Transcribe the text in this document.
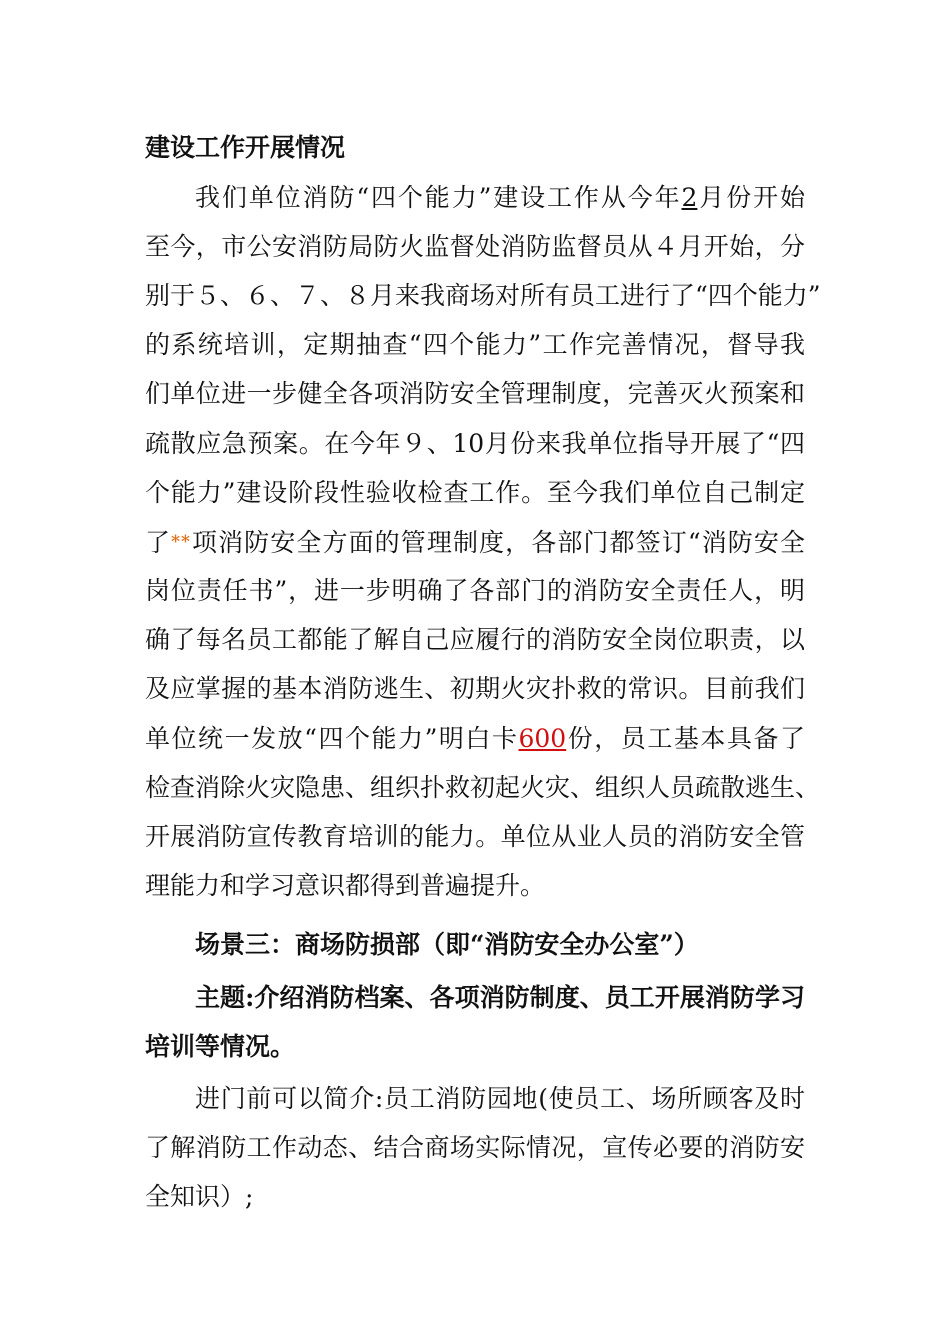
建设工作开展情况
我们单位消防“四个能力”建设工作从今年2月份开始
至今，市公安消防局防火监督处消防监督员从４月开始，分
别于５、６、７、８月来我商场对所有员工进行了“四个能力”
的系统培训，定期抽查“四个能力”工作完善情况，督导我
们单位进一步健全各项消防安全管理制度，完善灭火预案和
疏散应急预案。在今年９、10月份来我单位指导开展了“四
个能力”建设阶段性验收检查工作。至今我们单位自己制定
了**项消防安全方面的管理制度，各部门都签订“消防安全
岗位责任书”，进一步明确了各部门的消防安全责任人，明
确了每名员工都能了解自己应履行的消防安全岗位职责，以
及应掌握的基本消防逃生、初期火灾扑救的常识。目前我们
单位统一发放“四个能力”明白卡600份，员工基本具备了
检查消除火灾隐患、组织扑救初起火灾、组织人员疏散逃生、
开展消防宣传教育培训的能力。单位从业人员的消防安全管
理能力和学习意识都得到普遍提升。
场景三：商场防损部（即“消防安全办公室”）
主题:介绍消防档案、各项消防制度、员工开展消防学习
培训等情况。
进门前可以简介:员工消防园地(使员工、场所顾客及时
了解消防工作动态、结合商场实际情况，宣传必要的消防安
全知识）;
